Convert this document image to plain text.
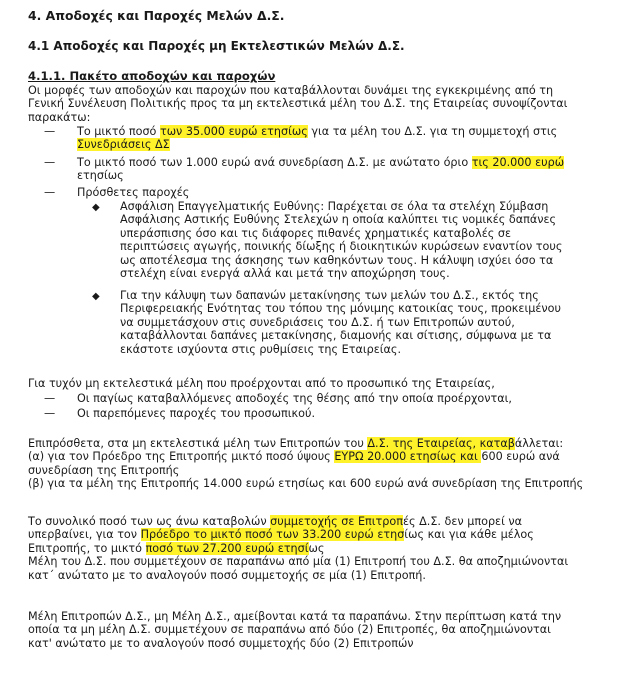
4. Αποδοχές και Παροχές Μελών Δ.Σ.
4.1 Αποδοχές και Παροχές μη Εκτελεστικών Μελών Δ.Σ.
4.1.1. Πακέτο αποδοχών και παροχών

Οι μορφές των αποδοχών και παροχών που καταβάλλονται δυνάμει της εγκεκριμένης από τη

Γενική Συνέλευση Πολιτικής προς τα μη εκτελεστικά μέλη του Δ.Σ. της Εταιρείας συνοψίζονται

παρακάτω:

— Το μικτό ποσό των 35.000 ευρώ ετησίως για τα μέλη του Δ.Σ. για τη συμμετοχή στις

Συνεδριάσεις ΔΣ

— Το μικτό ποσό των 1.000 ευρώ ανά συνεδρίαση Δ.Σ. με ανώτατο όριο τις 20.000 ευρώ

ετησίως

— Πρόσθετες παροχές
◆ Ασφάλιση Επαγγελματικής Ευθύνης: Παρέχεται σε όλα τα στελέχη Σύμβαση

Ασφάλισης Αστικής Ευθύνης Στελεχών η οποία καλύπτει τις νομικές δαπάνες

υπεράσπισης όσο και τις διάφορες πιθανές χρηματικές καταβολές σε

περιπτώσεις αγωγής, ποινικής δίωξης ή διοικητικών κυρώσεων εναντίον τους

ως αποτέλεσμα της άσκησης των καθηκόντων τους. Η κάλυψη ισχύει όσο τα

στελέχη είναι ενεργά αλλά και μετά την αποχώρηση τους.

◆ Για την κάλυψη των δαπανών μετακίνησης των μελών του Δ.Σ., εκτός της

Περιφερειακής Ενότητας του τόπου της μόνιμης κατοικίας τους, προκειμένου

να συμμετάσχουν στις συνεδριάσεις του Δ.Σ. ή των Επιτροπών αυτού,

καταβάλλονται δαπάνες μετακίνησης, διαμονής και σίτισης, σύμφωνα με τα

εκάστοτε ισχύοντα στις ρυθμίσεις της Εταιρείας.

Για τυχόν μη εκτελεστικά μέλη που προέρχονται από το προσωπικό της Εταιρείας,
— Οι παγίως καταβαλλόμενες αποδοχές της θέσης από την οποία προέρχονται,
— Οι παρεπόμενες παροχές του προσωπικού.

Επιπρόσθετα, στα μη εκτελεστικά μέλη των Επιτροπών του Δ.Σ. της Εταιρείας, καταβάλλεται:

(α) για τον Πρόεδρο της Επιτροπής μικτό ποσό ύψους ΕΥΡΩ 20.000 ετησίως και 600 ευρώ ανά

συνεδρίαση της Επιτροπής

(β) για τα μέλη της Επιτροπής 14.000 ευρώ ετησίως και 600 ευρώ ανά συνεδρίαση της Επιτροπής

Το συνολικό ποσό των ως άνω καταβολών συμμετοχής σε Επιτροπές Δ.Σ. δεν μπορεί να

υπερβαίνει, για τον Πρόεδρο το μικτό ποσό των 33.200 ευρώ ετησίως και για κάθε μέλος

Επιτροπής, το μικτό ποσό των 27.200 ευρώ ετησίως

Μέλη του Δ.Σ. που συμμετέχουν σε παραπάνω από μία (1) Επιτροπή του Δ.Σ. θα αποζημιώνονται

κατ΄ ανώτατο με το αναλογούν ποσό συμμετοχής σε μία (1) Επιτροπή.

Μέλη Επιτροπών Δ.Σ., μη Μέλη Δ.Σ., αμείβονται κατά τα παραπάνω. Στην περίπτωση κατά την

οποία τα μη μέλη Δ.Σ. συμμετέχουν σε παραπάνω από δύο (2) Επιτροπές, θα αποζημιώνονται

κατ' ανώτατο με το αναλογούν ποσό συμμετοχής δύο (2) Επιτροπών
